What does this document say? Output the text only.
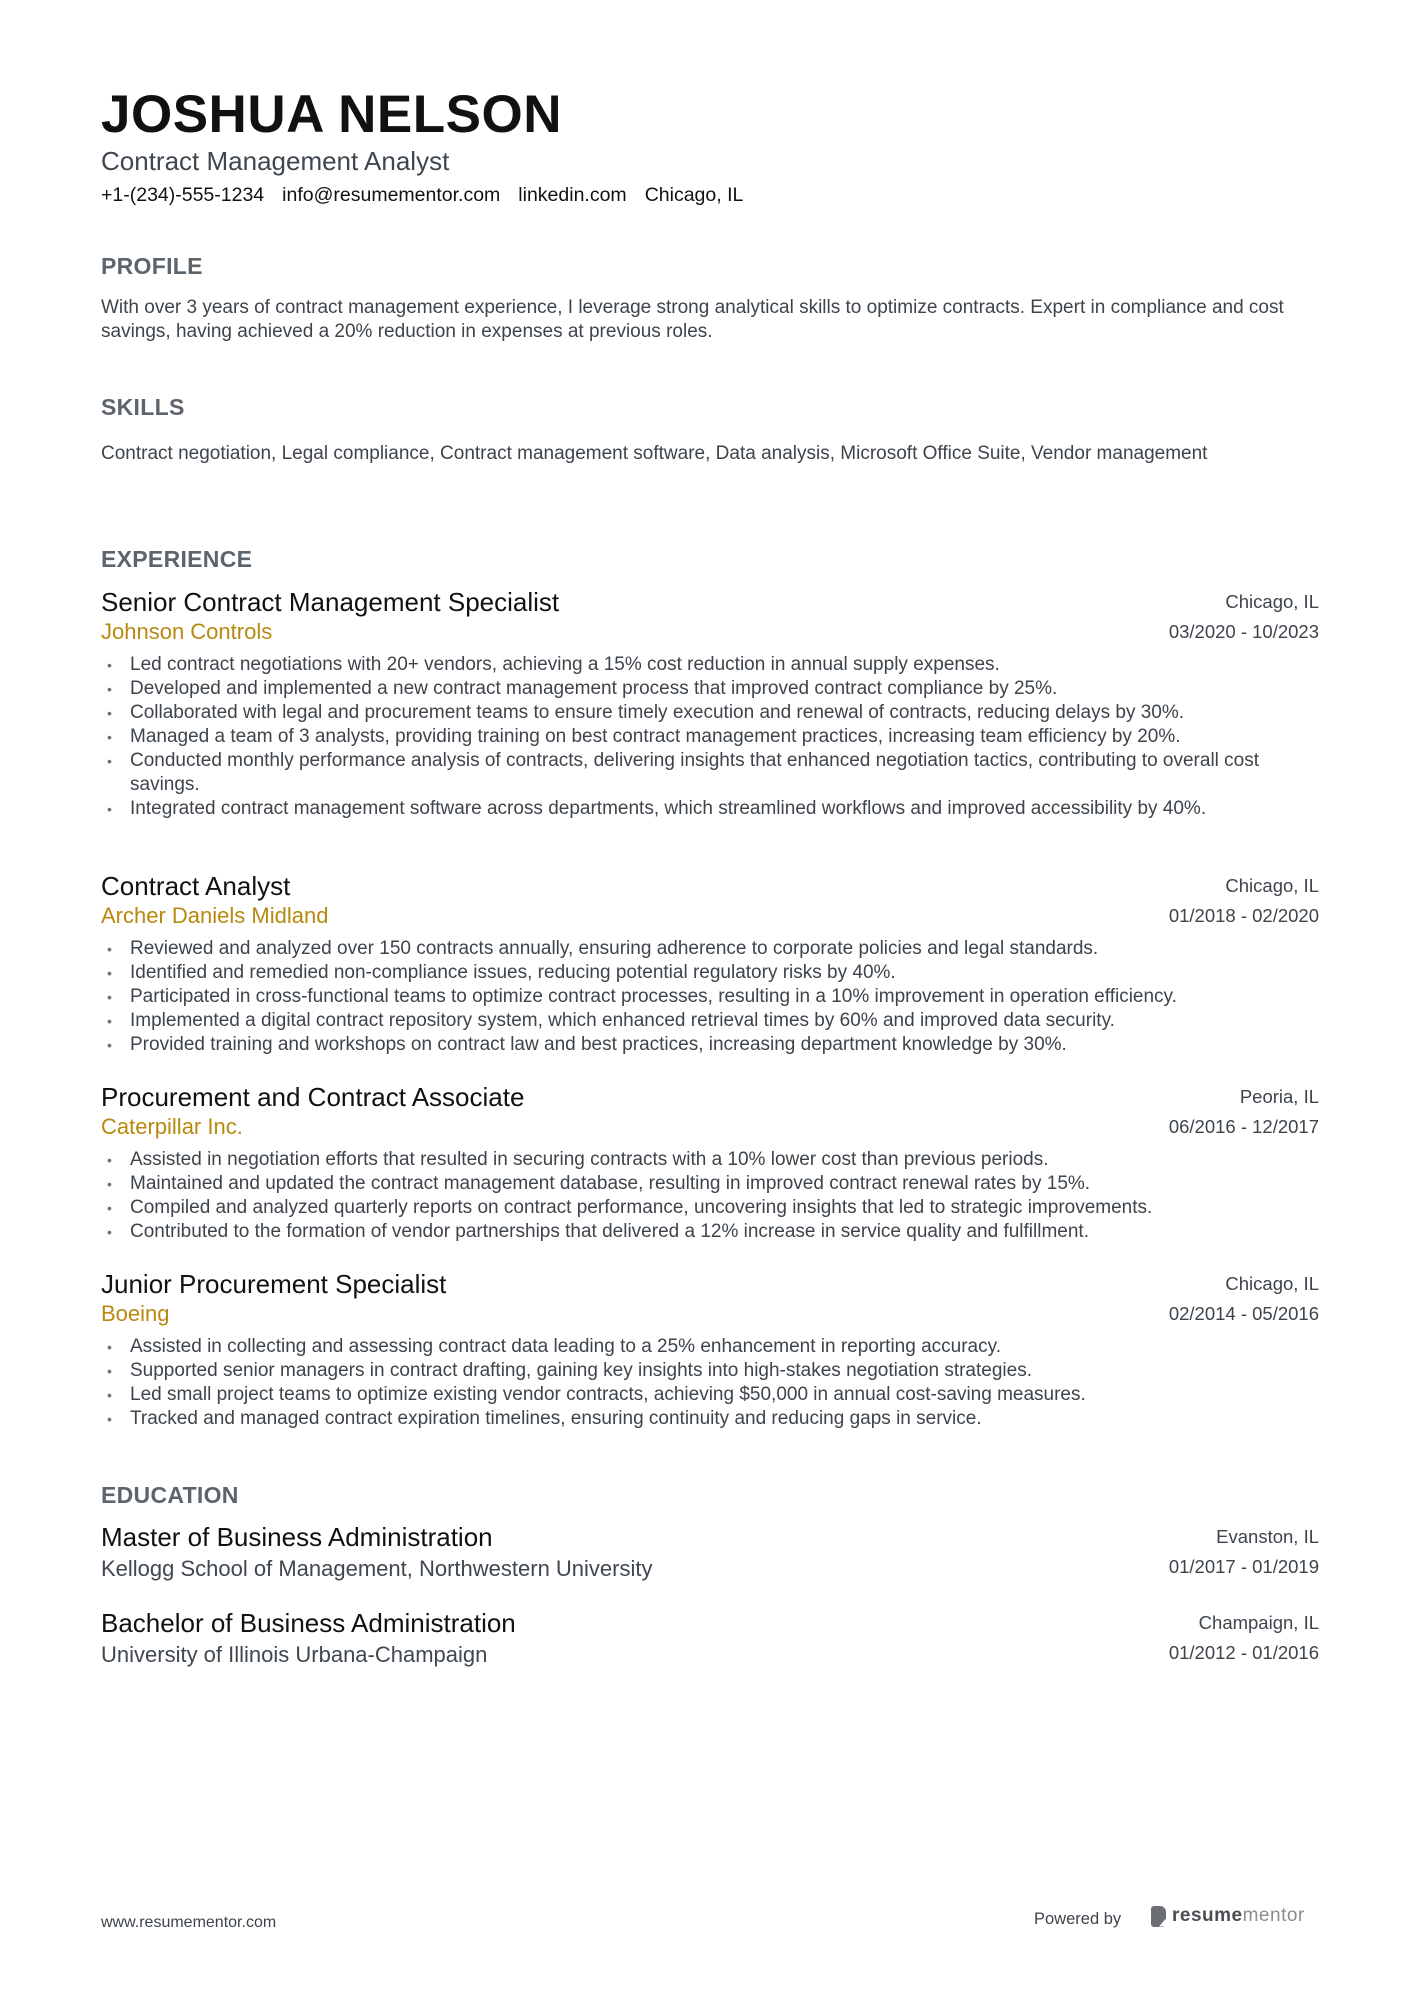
JOSHUA NELSON
Contract Management Analyst
+1-(234)-555-1234 info@resumementor.com linkedin.com Chicago, IL
PROFILE
With over 3 years of contract management experience, I leverage strong analytical skills to optimize contracts. Expert in compliance and cost savings, having achieved a 20% reduction in expenses at previous roles.
SKILLS
Contract negotiation, Legal compliance, Contract management software, Data analysis, Microsoft Office Suite, Vendor management
EXPERIENCE
Senior Contract Management Specialist
Johnson Controls
Chicago, IL
03/2020 - 10/2023
• Led contract negotiations with 20+ vendors, achieving a 15% cost reduction in annual supply expenses.
• Developed and implemented a new contract management process that improved contract compliance by 25%.
• Collaborated with legal and procurement teams to ensure timely execution and renewal of contracts, reducing delays by 30%.
• Managed a team of 3 analysts, providing training on best contract management practices, increasing team efficiency by 20%.
• Conducted monthly performance analysis of contracts, delivering insights that enhanced negotiation tactics, contributing to overall cost savings.
• Integrated contract management software across departments, which streamlined workflows and improved accessibility by 40%.
Contract Analyst
Archer Daniels Midland
Chicago, IL
01/2018 - 02/2020
• Reviewed and analyzed over 150 contracts annually, ensuring adherence to corporate policies and legal standards.
• Identified and remedied non-compliance issues, reducing potential regulatory risks by 40%.
• Participated in cross-functional teams to optimize contract processes, resulting in a 10% improvement in operation efficiency.
• Implemented a digital contract repository system, which enhanced retrieval times by 60% and improved data security.
• Provided training and workshops on contract law and best practices, increasing department knowledge by 30%.
Procurement and Contract Associate
Caterpillar Inc.
Peoria, IL
06/2016 - 12/2017
• Assisted in negotiation efforts that resulted in securing contracts with a 10% lower cost than previous periods.
• Maintained and updated the contract management database, resulting in improved contract renewal rates by 15%.
• Compiled and analyzed quarterly reports on contract performance, uncovering insights that led to strategic improvements.
• Contributed to the formation of vendor partnerships that delivered a 12% increase in service quality and fulfillment.
Junior Procurement Specialist
Boeing
Chicago, IL
02/2014 - 05/2016
• Assisted in collecting and assessing contract data leading to a 25% enhancement in reporting accuracy.
• Supported senior managers in contract drafting, gaining key insights into high-stakes negotiation strategies.
• Led small project teams to optimize existing vendor contracts, achieving $50,000 in annual cost-saving measures.
• Tracked and managed contract expiration timelines, ensuring continuity and reducing gaps in service.
EDUCATION
Master of Business Administration
Kellogg School of Management, Northwestern University
Evanston, IL
01/2017 - 01/2019
Bachelor of Business Administration
University of Illinois Urbana-Champaign
Champaign, IL
01/2012 - 01/2016
www.resumementor.com	Powered by	resumementor
